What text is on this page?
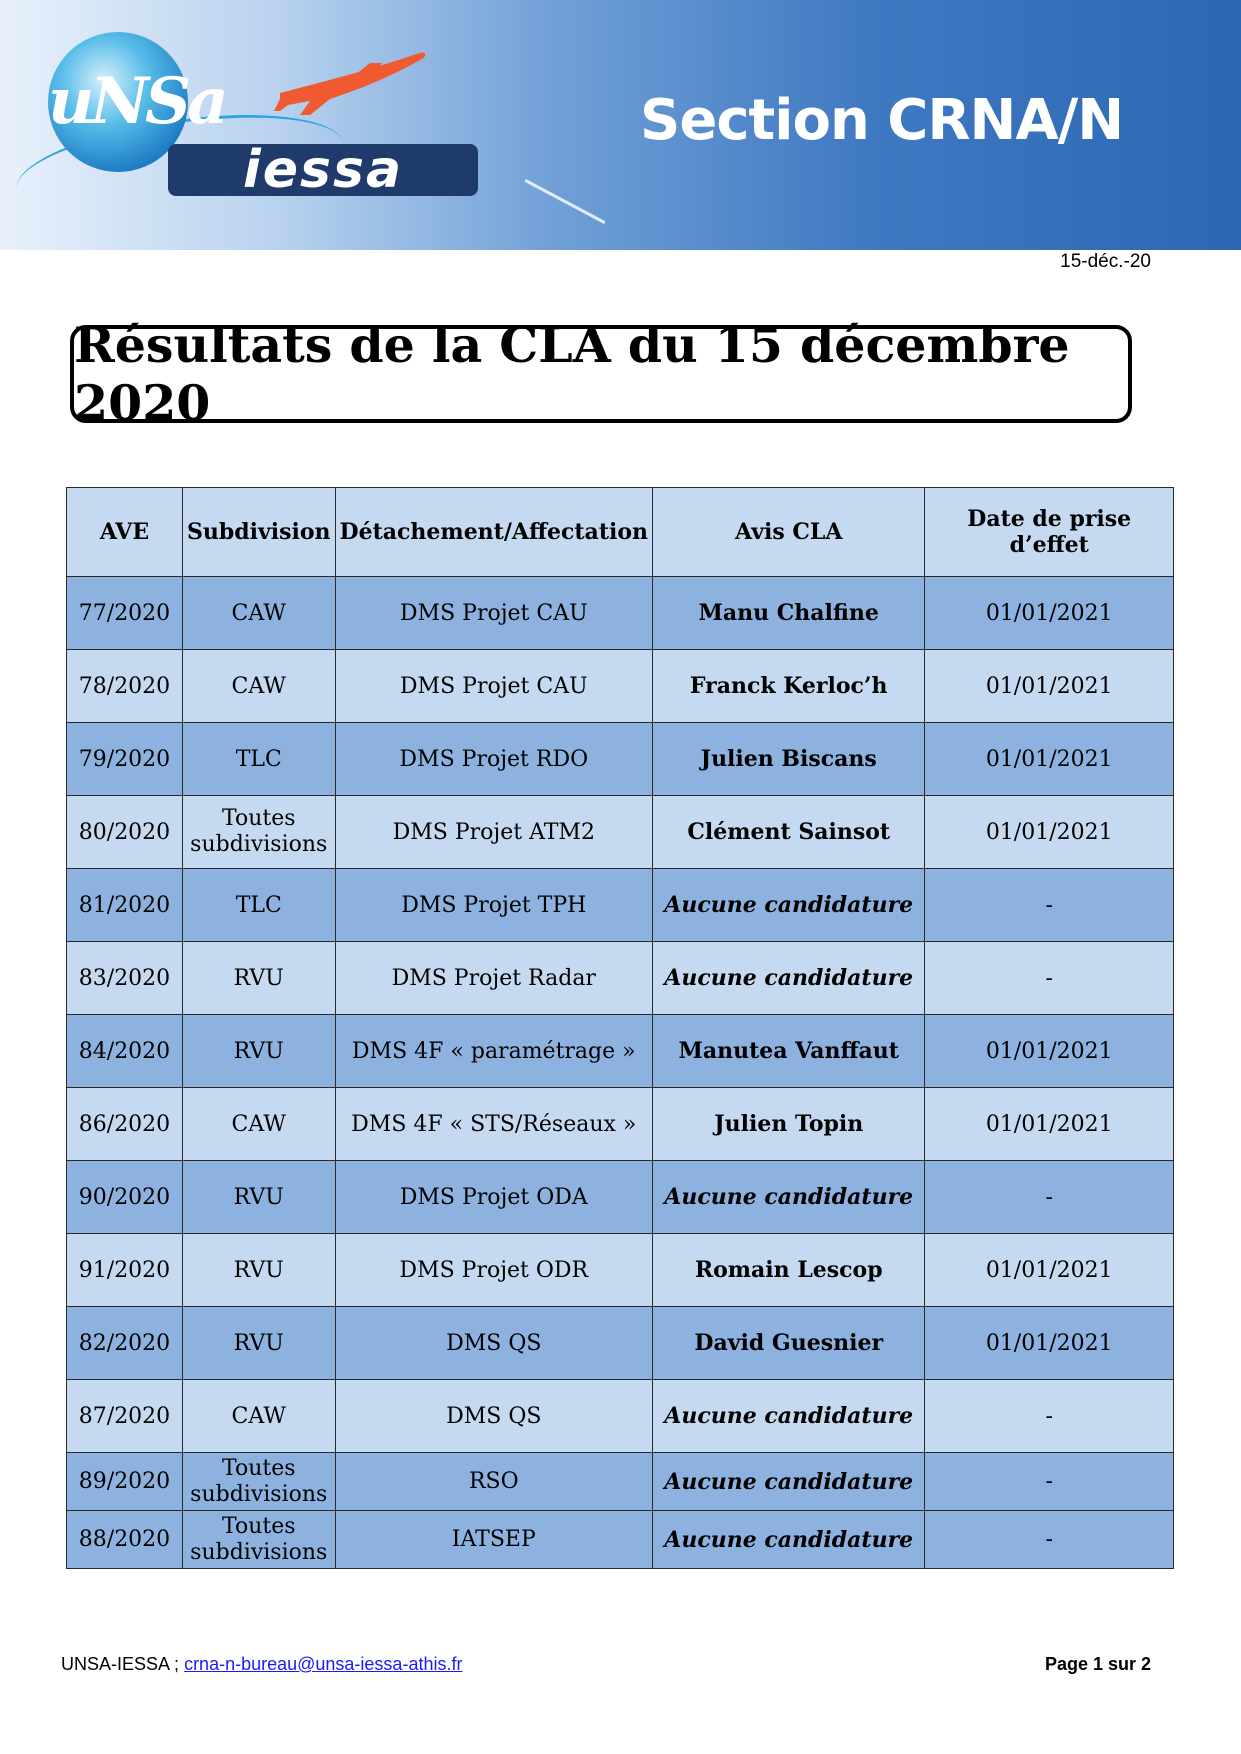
uNSa
iessa
Section CRNA/N
15-déc.-20
Résultats de la CLA du 15 décembre 2020
AVE	Subdivision	Détachement/Affectation	Avis CLA	Date de prise d’effet
77/2020	CAW	DMS Projet CAU	Manu Chalfine	01/01/2021
78/2020	CAW	DMS Projet CAU	Franck Kerloc’h	01/01/2021
79/2020	TLC	DMS Projet RDO	Julien Biscans	01/01/2021
80/2020	Toutes subdivisions	DMS Projet ATM2	Clément Sainsot	01/01/2021
81/2020	TLC	DMS Projet TPH	Aucune candidature	-
83/2020	RVU	DMS Projet Radar	Aucune candidature	-
84/2020	RVU	DMS 4F « paramétrage »	Manutea Vanffaut	01/01/2021
86/2020	CAW	DMS 4F « STS/Réseaux »	Julien Topin	01/01/2021
90/2020	RVU	DMS Projet ODA	Aucune candidature	-
91/2020	RVU	DMS Projet ODR	Romain Lescop	01/01/2021
82/2020	RVU	DMS QS	David Guesnier	01/01/2021
87/2020	CAW	DMS QS	Aucune candidature	-
89/2020	Toutes subdivisions	RSO	Aucune candidature	-
88/2020	Toutes subdivisions	IATSEP	Aucune candidature	-
UNSA-IESSA ; crna-n-bureau@unsa-iessa-athis.fr	Page 1 sur 2
